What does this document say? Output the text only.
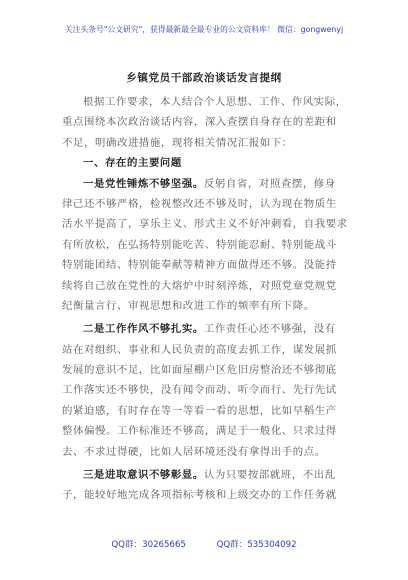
关注头条号"公文研究"，获得最新最全最专业的公文资料库！ 微信：gongwenyj
乡镇党员干部政治谈话发言提纲
根据工作要求，本人结合个人思想、工作、作风实际，
重点围绕本次政治谈话内容，深入查摆自身存在的差距和
不足，明确改进措施，现将相关情况汇报如下：
一、存在的主要问题
一是党性锤炼不够坚强。反躬自省，对照查摆，修身
律己还不够严格，检视整改还不够及时，认为现在物质生
活水平提高了，享乐主义、形式主义不好冲刺看，自我要求
有所放松，在弘扬特别能吃苦、特别能忍耐、特别能战斗
特别能团结、特别能奉献等精神方面做得还不够。没能持
续将自己放在党性的大熔炉中时刻淬炼，对照党章党规党
纪衡量言行、审视思想和改进工作的频率有所下降。
二是工作作风不够扎实。工作责任心还不够强，没有
站在对组织、事业和人民负责的高度去抓工作，谋发展抓
发展的意识不足，比如面屋棚户区危旧房整治还不够彻底
工作落实还不够快，没有闻令而动、听令而行、先行先试
的紧迫感，有时存在等一等看一看的思想，比如早稻生产
整体偏慢。工作标准还不够高，满足于一般化、只求过得
去、不求过得硬，比如人居环境还没有拿得出手的点。
三是进取意识不够彰显。认为只要按部就班，不出乱
子，能较好地完成各项指标考核和上级交办的工作任务就
QQ群：30265665	QQ群：535304092
